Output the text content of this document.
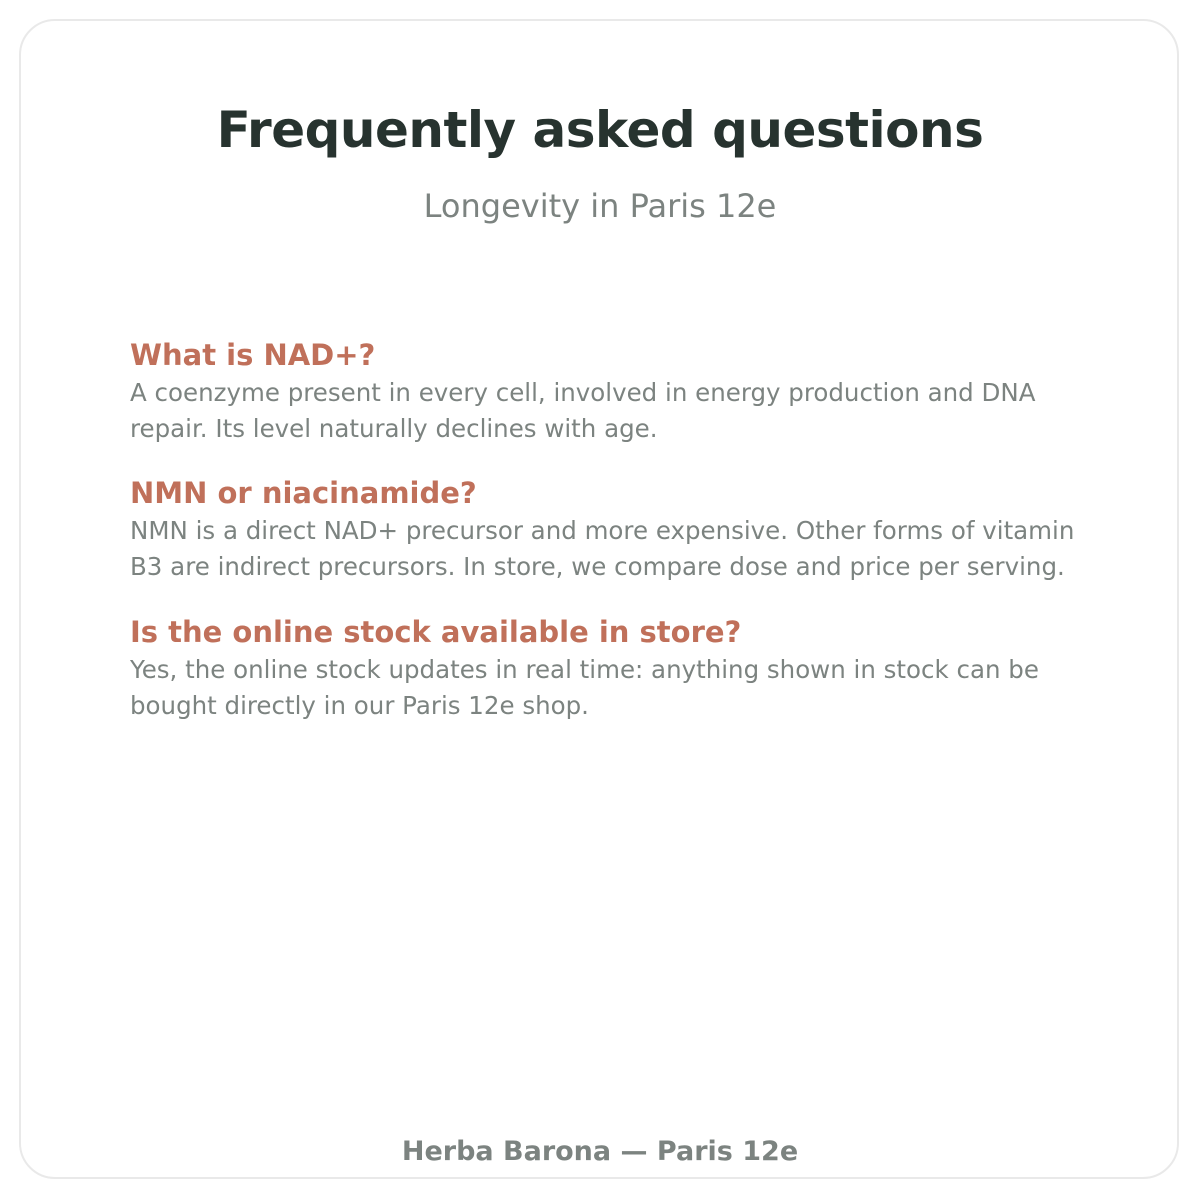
Frequently asked questions

Longevity in Paris 12e

What is NAD+?

A coenzyme present in every cell, involved in energy production and DNA repair. Its level naturally declines with age.

NMN or niacinamide?

NMN is a direct NAD+ precursor and more expensive. Other forms of vitamin B3 are indirect precursors. In store, we compare dose and price per serving.

Is the online stock available in store?

Yes, the online stock updates in real time: anything shown in stock can be bought directly in our Paris 12e shop.

Herba Barona — Paris 12e
